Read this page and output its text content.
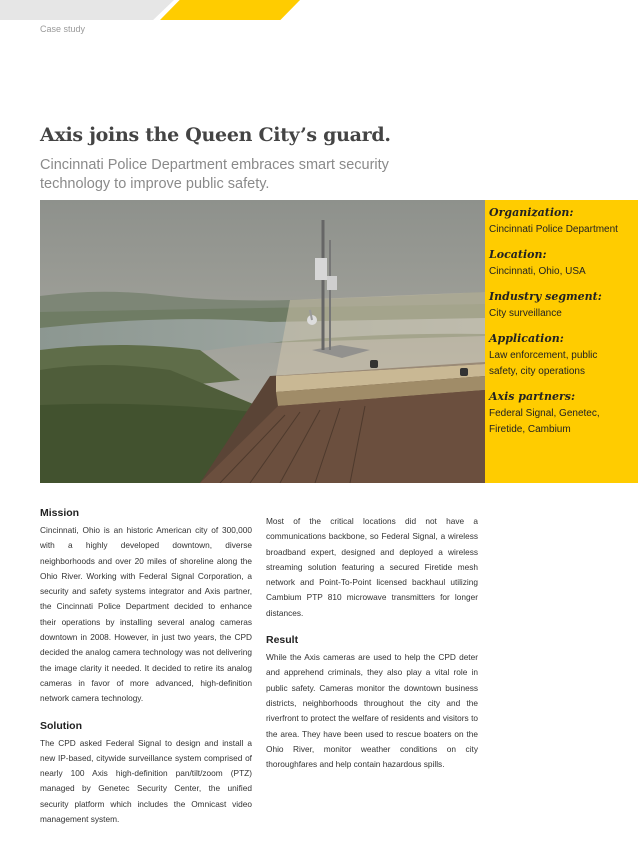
Case study
Axis joins the Queen City’s guard.
Cincinnati Police Department embraces smart security technology to improve public safety.
Organization:
Cincinnati Police Department
Location:
Cincinnati, Ohio, USA
Industry segment:
City surveillance
Application:
Law enforcement, public safety, city operations
Axis partners:
Federal Signal, Genetec, Firetide, Cambium
Mission

Cincinnati, Ohio is an historic American city of 300,000 with a highly developed downtown, diverse neighborhoods and over 20 miles of shoreline along the Ohio River. Working with Federal Signal Corporation, a security and safety systems integrator and Axis partner, the Cincinnati Police Department decided to enhance their operations by installing several analog cameras downtown in 2008. However, in just two years, the CPD decided the analog camera technology was not delivering the image clarity it needed. It decided to retire its analog cameras in favor of more advanced, high-definition network camera technology.

Solution

The CPD asked Federal Signal to design and install a new IP-based, citywide surveillance system comprised of nearly 100 Axis high-definition pan/tilt/zoom (PTZ) managed by Genetec Security Center, the unified security platform which includes the Omnicast video management system.

Most of the critical locations did not have a communications backbone, so Federal Signal, a wireless broadband expert, designed and deployed a wireless streaming solution featuring a secured Firetide mesh network and Point-To-Point licensed backhaul utilizing Cambium PTP 810 microwave transmitters for longer distances.

Result

While the Axis cameras are used to help the CPD deter and apprehend criminals, they also play a vital role in public safety. Cameras monitor the downtown business districts, neighborhoods throughout the city and the riverfront to protect the welfare of residents and visitors to the area. They have been used to rescue boaters on the Ohio River, monitor weather conditions on city thoroughfares and help contain hazardous spills.
